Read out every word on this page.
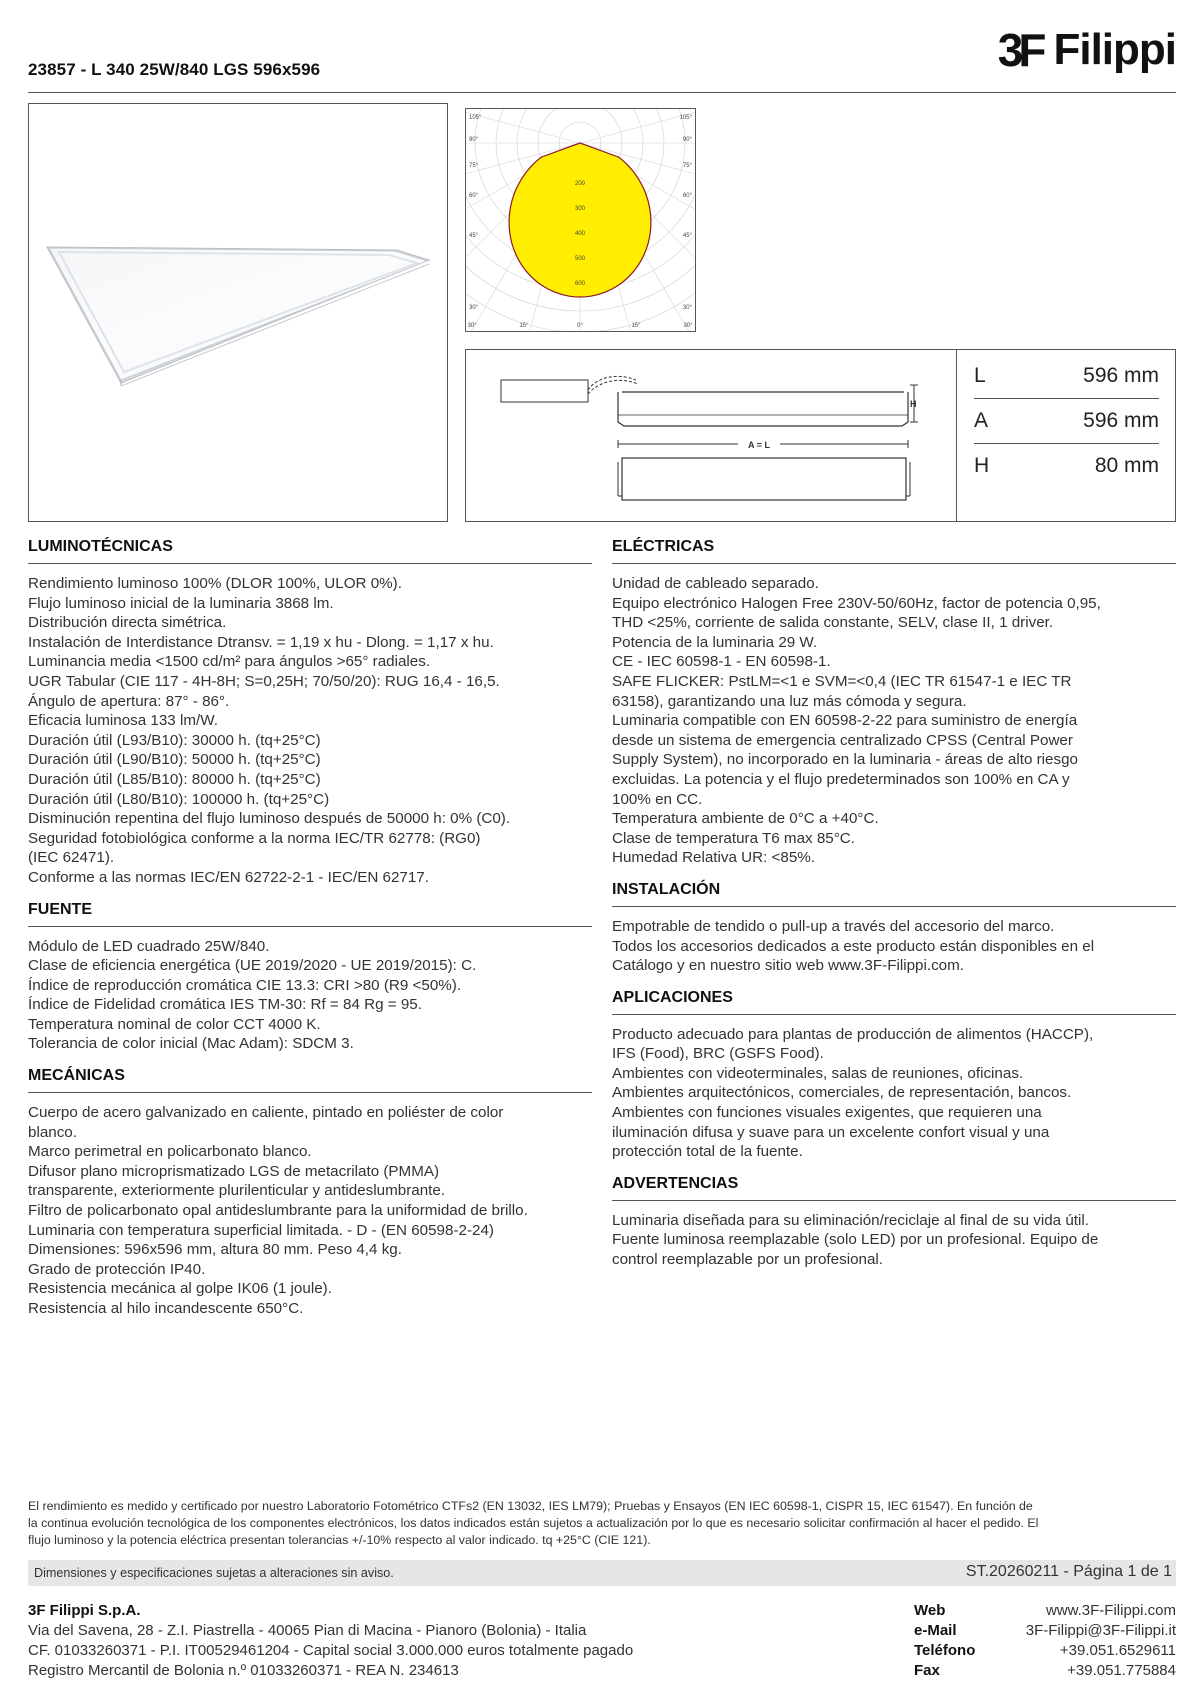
23857 - L 340 25W/840 LGS 596x596	3F Filippi
105°
90°
75°
60°
45°
30°
105°
90°
75°
60°
45°
30°
30°	15°	0°	15°	30°
200
300
400
500
600
H
A = L
L	596 mm
A	596 mm
H	80 mm
LUMINOTÉCNICAS
Rendimiento luminoso 100% (DLOR 100%, ULOR 0%).
Flujo luminoso inicial de la luminaria 3868 lm.
Distribución directa simétrica.
Instalación de Interdistance Dtransv. = 1,19 x hu - Dlong. = 1,17 x hu.
Luminancia media <1500 cd/m² para ángulos >65° radiales.
UGR Tabular (CIE 117 - 4H-8H; S=0,25H; 70/50/20): RUG 16,4 - 16,5.
Ángulo de apertura: 87° - 86°.
Eficacia luminosa 133 lm/W.
Duración útil (L93/B10): 30000 h. (tq+25°C)
Duración útil (L90/B10): 50000 h. (tq+25°C)
Duración útil (L85/B10): 80000 h. (tq+25°C)
Duración útil (L80/B10): 100000 h. (tq+25°C)
Disminución repentina del flujo luminoso después de 50000 h: 0% (C0).
Seguridad fotobiológica conforme a la norma IEC/TR 62778: (RG0)
(IEC 62471).
Conforme a las normas IEC/EN 62722-2-1 - IEC/EN 62717.
FUENTE
Módulo de LED cuadrado 25W/840.
Clase de eficiencia energética (UE 2019/2020 - UE 2019/2015): C.
Índice de reproducción cromática CIE 13.3: CRI >80 (R9 <50%).
Índice de Fidelidad cromática IES TM-30: Rf = 84 Rg = 95.
Temperatura nominal de color CCT 4000 K.
Tolerancia de color inicial (Mac Adam): SDCM 3.
MECÁNICAS
Cuerpo de acero galvanizado en caliente, pintado en poliéster de color
blanco.
Marco perimetral en policarbonato blanco.
Difusor plano microprismatizado LGS de metacrilato (PMMA)
transparente, exteriormente plurilenticular y antideslumbrante.
Filtro de policarbonato opal antideslumbrante para la uniformidad de brillo.
Luminaria con temperatura superficial limitada. - D - (EN 60598-2-24)
Dimensiones: 596x596 mm, altura 80 mm. Peso 4,4 kg.
Grado de protección IP40.
Resistencia mecánica al golpe IK06 (1 joule).
Resistencia al hilo incandescente 650°C.
ELÉCTRICAS
Unidad de cableado separado.
Equipo electrónico Halogen Free 230V-50/60Hz, factor de potencia 0,95,
THD <25%, corriente de salida constante, SELV, clase II, 1 driver.
Potencia de la luminaria 29 W.
CE - IEC 60598-1 - EN 60598-1.
SAFE FLICKER: PstLM=<1 e SVM=<0,4 (IEC TR 61547-1 e IEC TR
63158), garantizando una luz más cómoda y segura.
Luminaria compatible con EN 60598-2-22 para suministro de energía
desde un sistema de emergencia centralizado CPSS (Central Power
Supply System), no incorporado en la luminaria - áreas de alto riesgo
excluidas. La potencia y el flujo predeterminados son 100% en CA y
100% en CC.
Temperatura ambiente de 0°C a +40°C.
Clase de temperatura T6 max 85°C.
Humedad Relativa UR: <85%.
INSTALACIÓN
Empotrable de tendido o pull-up a través del accesorio del marco.
Todos los accesorios dedicados a este producto están disponibles en el
Catálogo y en nuestro sitio web www.3F-Filippi.com.
APLICACIONES
Producto adecuado para plantas de producción de alimentos (HACCP),
IFS (Food), BRC (GSFS Food).
Ambientes con videoterminales, salas de reuniones, oficinas.
Ambientes arquitectónicos, comerciales, de representación, bancos.
Ambientes con funciones visuales exigentes, que requieren una
iluminación difusa y suave para un excelente confort visual y una
protección total de la fuente.
ADVERTENCIAS
Luminaria diseñada para su eliminación/reciclaje al final de su vida útil.
Fuente luminosa reemplazable (solo LED) por un profesional. Equipo de
control reemplazable por un profesional.
El rendimiento es medido y certificado por nuestro Laboratorio Fotométrico CTFs2 (EN 13032, IES LM79); Pruebas y Ensayos (EN IEC 60598-1, CISPR 15, IEC 61547). En función de
la continua evolución tecnológica de los componentes electrónicos, los datos indicados están sujetos a actualización por lo que es necesario solicitar confirmación al hacer el pedido. El
flujo luminoso y la potencia eléctrica presentan tolerancias +/-10% respecto al valor indicado. tq +25°C (CIE 121).
Dimensiones y especificaciones sujetas a alteraciones sin aviso.	ST.20260211 - Página 1 de 1
3F Filippi S.p.A.
Via del Savena, 28 - Z.I. Piastrella - 40065 Pian di Macina - Pianoro (Bolonia) - Italia
CF. 01033260371 - P.I. IT00529461204 - Capital social 3.000.000 euros totalmente pagado
Registro Mercantil de Bolonia n.º 01033260371 - REA N. 234613
Web	www.3F-Filippi.com
e-Mail	3F-Filippi@3F-Filippi.it
Teléfono	+39.051.6529611
Fax	+39.051.775884
